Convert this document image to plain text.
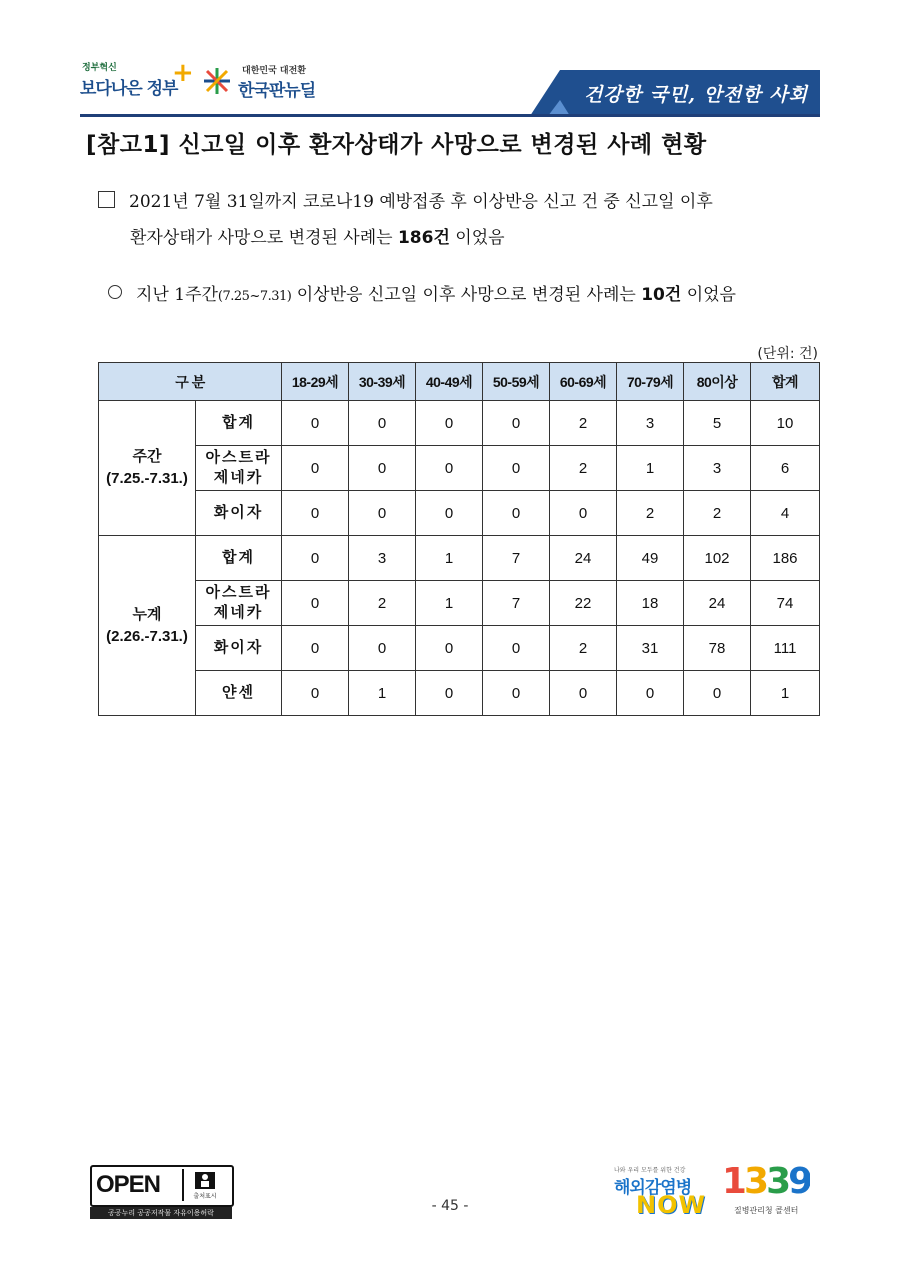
정부혁신
보다나은 정부
+	대한민국 대전환
한국판뉴딜	건강한 국민, 안전한 사회
[참고1] 신고일 이후 환자상태가 사망으로 변경된 사례 현황
2021년 7월 31일까지 코로나19 예방접종 후 이상반응 신고 건 중 신고일 이후
환자상태가 사망으로 변경된 사례는 186건 이었음
지난 1주간(7.25~7.31) 이상반응 신고일 이후 사망으로 변경된 사례는 10건 이었음
(단위: 건)
구 분		18-29세	30-39세	40-49세	50-59세	60-69세	70-79세	80이상	합계

주간
(7.25.-7.31.)	합계	0	0	0	0	2	3	5	10

	아스트라
제네카	0	0	0	0	2	1	3	6
	화이자	0	0	0	0	0	2	2	4

누계
(2.26.-7.31.)	합계	0	3	1	7	24	49	102	186

	아스트라
제네카	0	2	1	7	22	18	24	74
	화이자	0	0	0	0	2	31	78	111
	얀센	0	1	0	0	0	0	0	1
OPEN	출처표시
공공누리 공공저작물 자유이용허락	- 45 -
나와 우리 모두를 위한 건강
해외감염병
NOW
1339
질병관리청 콜센터
